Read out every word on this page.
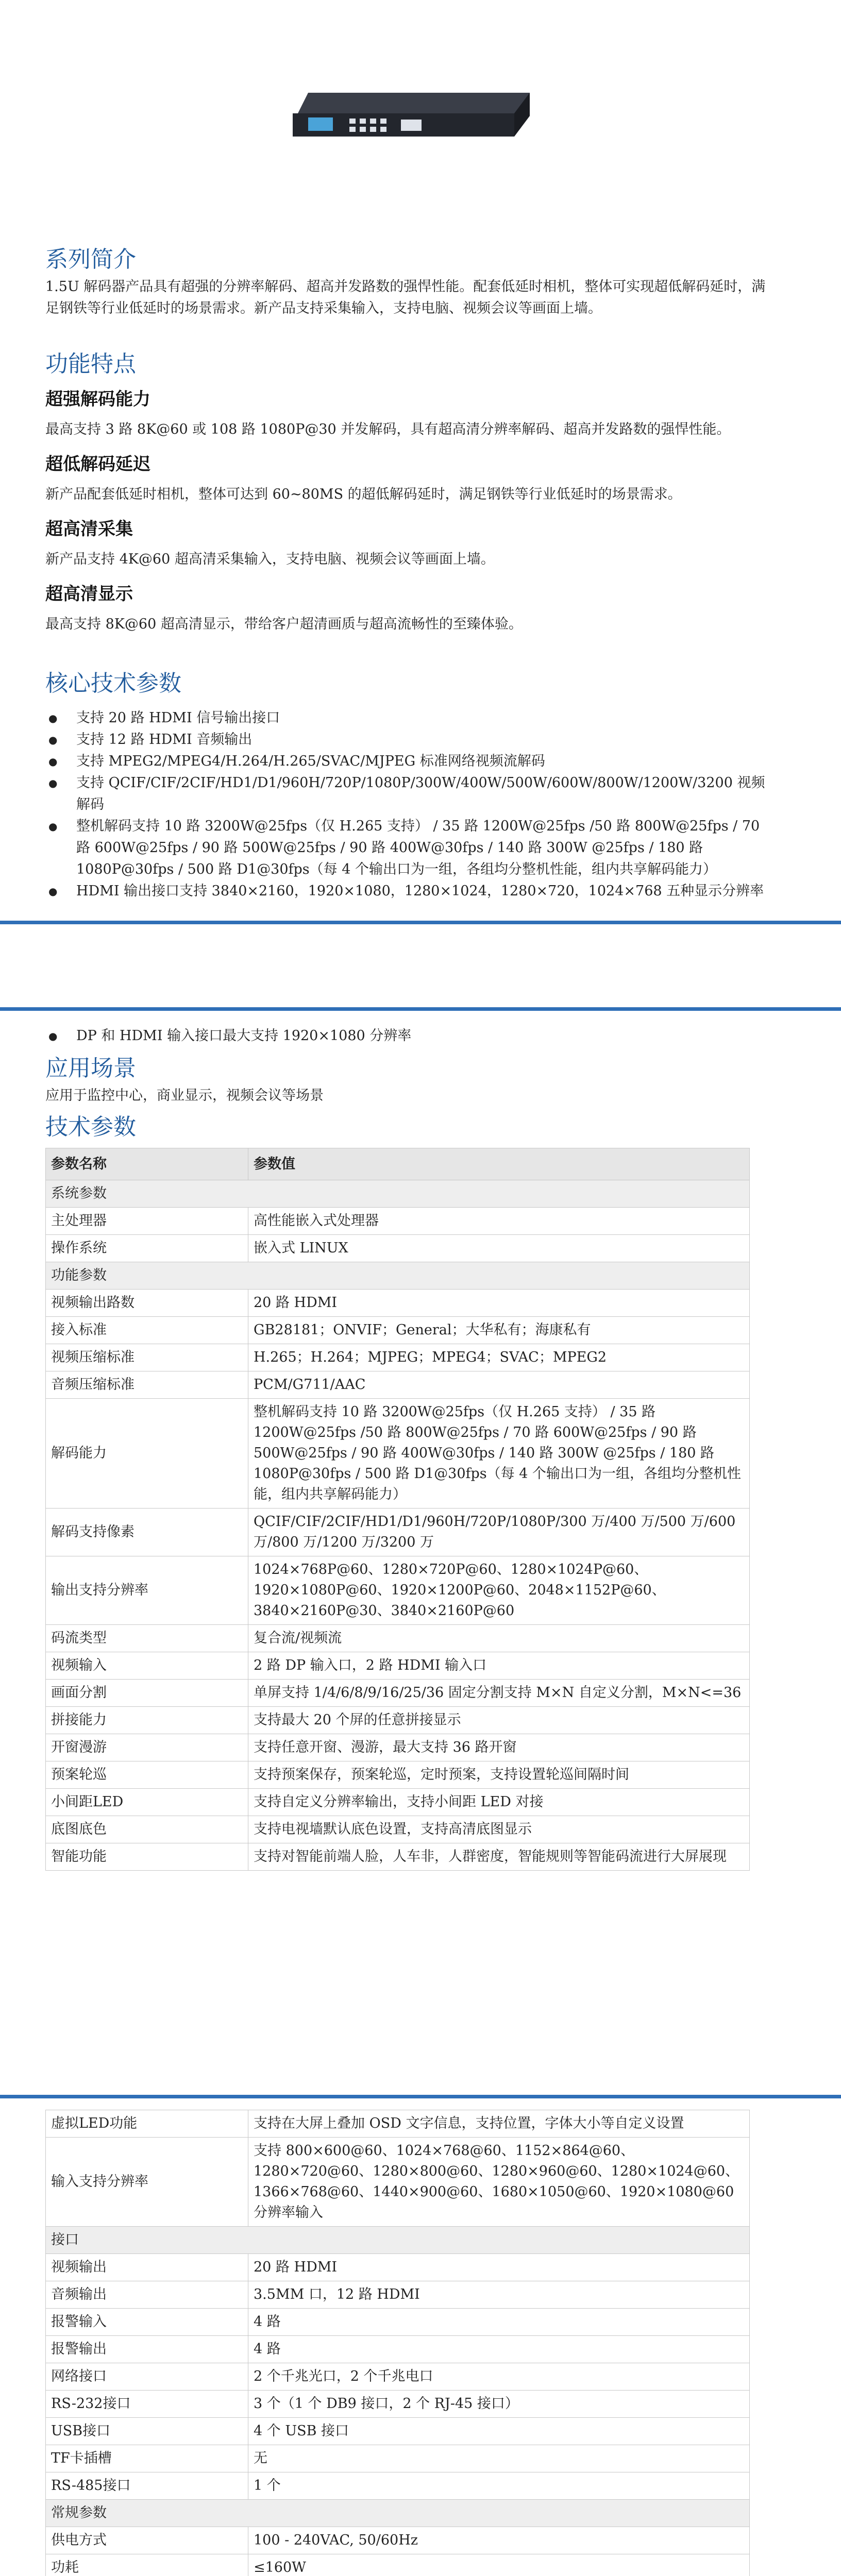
系列简介

1.5U 解码器产品具有超强的分辨率解码、超高并发路数的强悍性能。配套低延时相机，整体可实现超低解码延时，满足钢铁等行业低延时的场景需求。新产品支持采集输入，支持电脑、视频会议等画面上墙。

功能特点
超强解码能力

最高支持 3 路 8K@60 或 108 路 1080P@30 并发解码，具有超高清分辨率解码、超高并发路数的强悍性能。

超低解码延迟

新产品配套低延时相机，整体可达到 60~80MS 的超低解码延时，满足钢铁等行业低延时的场景需求。

超高清采集

新产品支持 4K@60 超高清采集输入，支持电脑、视频会议等画面上墙。

超高清显示

最高支持 8K@60 超高清显示，带给客户超清画质与超高流畅性的至臻体验。

核心技术参数
● 支持 20 路 HDMI 信号输出接口
● 支持 12 路 HDMI 音频输出
● 支持 MPEG2/MPEG4/H.264/H.265/SVAC/MJPEG 标准网络视频流解码
● 支持 QCIF/CIF/2CIF/HD1/D1/960H/720P/1080P/300W/400W/500W/600W/800W/1200W/3200 视频解码
● 整机解码支持 10 路 3200W@25fps（仅 H.265 支持） / 35 路 1200W@25fps /50 路 800W@25fps / 70 路 600W@25fps / 90 路 500W@25fps / 90 路 400W@30fps / 140 路 300W @25fps / 180 路 1080P@30fps / 500 路 D1@30fps（每 4 个输出口为一组，各组均分整机性能，组内共享解码能力）
● HDMI 输出接口支持 3840×2160，1920×1080，1280×1024，1280×720，1024×768 五种显示分辨率
● DP 和 HDMI 输入接口最大支持 1920×1080 分辨率
应用场景

应用于监控中心，商业显示，视频会议等场景

技术参数
参数名称	参数值
系统参数	
主处理器	高性能嵌入式处理器
操作系统	嵌入式 LINUX
功能参数	
视频输出路数	20 路 HDMI
接入标准	GB28181；ONVIF；General；大华私有；海康私有
视频压缩标准	H.265；H.264；MJPEG；MPEG4；SVAC；MPEG2
音频压缩标准	PCM/G711/AAC
解码能力	整机解码支持 10 路 3200W@25fps（仅 H.265 支持） / 35 路 1200W@25fps /50 路 800W@25fps / 70 路 600W@25fps / 90 路 500W@25fps / 90 路 400W@30fps / 140 路 300W @25fps / 180 路 1080P@30fps / 500 路 D1@30fps（每 4 个输出口为一组，各组均分整机性能，组内共享解码能力）
解码支持像素	QCIF/CIF/2CIF/HD1/D1/960H/720P/1080P/300 万/400 万/500 万/600 万/800 万/1200 万/3200 万
输出支持分辨率	1024×768P@60、1280×720P@60、1280×1024P@60、1920×1080P@60、1920×1200P@60、2048×1152P@60、3840×2160P@30、3840×2160P@60
码流类型	复合流/视频流
视频输入	2 路 DP 输入口，2 路 HDMI 输入口
画面分割	单屏支持 1/4/6/8/9/16/25/36 固定分割支持 M×N 自定义分割，M×N<=36
拼接能力	支持最大 20 个屏的任意拼接显示
开窗漫游	支持任意开窗、漫游，最大支持 36 路开窗
预案轮巡	支持预案保存，预案轮巡，定时预案，支持设置轮巡间隔时间
小间距LED	支持自定义分辨率输出，支持小间距 LED 对接
底图底色	支持电视墙默认底色设置，支持高清底图显示
智能功能	支持对智能前端人脸，人车非，人群密度，智能规则等智能码流进行大屏展现
虚拟LED功能	支持在大屏上叠加 OSD 文字信息，支持位置，字体大小等自定义设置
输入支持分辨率	支持 800×600@60、1024×768@60、1152×864@60、1280×720@60、1280×800@60、1280×960@60、1280×1024@60、1366×768@60、1440×900@60、1680×1050@60、1920×1080@60 分辨率输入
接口	
视频输出	20 路 HDMI
音频输出	3.5MM 口，12 路 HDMI
报警输入	4 路
报警输出	4 路
网络接口	2 个千兆光口，2 个千兆电口
RS-232接口	3 个（1 个 DB9 接口，2 个 RJ-45 接口）
USB接口	4 个 USB 接口
TF卡插槽	无
RS-485接口	1 个
常规参数	
供电方式	100 - 240VAC, 50/60Hz
功耗	≤160W
